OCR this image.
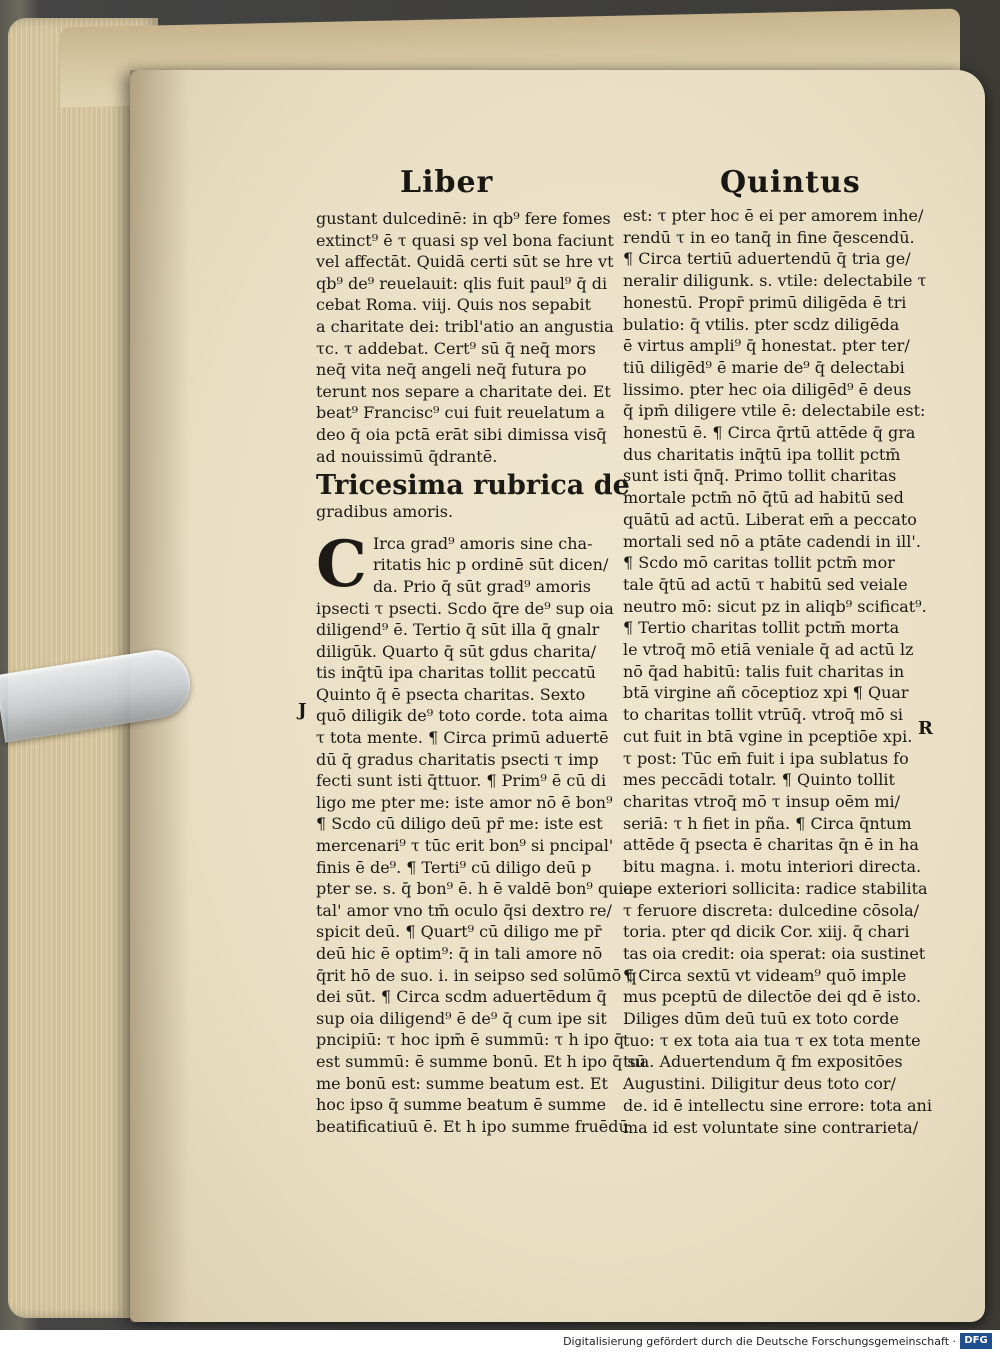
Liber	Quintus
gustant dulcedinē: in qb⁹ fere fomes
extinct⁹ ē τ quasi sp vel bona faciunt
vel affectāt. Quidā certi sūt se hre vt
qb⁹ de⁹ reuelauit: qlis fuit paul⁹ q̄ di
cebat Roma. viij. Quis nos sepabit
a charitate dei: tribl'atio an angustia
τc. τ addebat. Cert⁹ sū q̄ neq̄ mors
neq̄ vita neq̄ angeli neq̄ futura po
terunt nos separe a charitate dei. Et
beat⁹ Francisc⁹ cui fuit reuelatum a
deo q̄ oia pctā erāt sibi dimissa visq̄
ad nouissimū q̄drantē.
Tricesima rubrica de
gradibus amoris.
C Irca grad⁹ amoris sine cha-
ritatis hic p ordinē sūt dicen/
da. Prio q̄ sūt grad⁹ amoris
ipsecti τ psecti. Scdo q̄re de⁹ sup oia
diligend⁹ ē. Tertio q̄ sūt illa q̄ gnalr
diligūk. Quarto q̄ sūt gdus charita/
tis inq̄tū ipa charitas tollit peccatū
Quinto q̄ ē psecta charitas. Sexto
quō diligik de⁹ toto corde. tota aima
τ tota mente. ¶ Circa primū aduertē
dū q̄ gradus charitatis psecti τ imp
fecti sunt isti q̄ttuor. ¶ Prim⁹ ē cū di
ligo me pter me: iste amor nō ē bon⁹
¶ Scdo cū diligo deū pr̄ me: iste est
mercenari⁹ τ tūc erit bon⁹ si pncipal'
finis ē de⁹. ¶ Terti⁹ cū diligo deū p
pter se. s. q̄ bon⁹ ē. h ē valdē bon⁹ quia
tal' amor vno tm̄ oculo q̄si dextro re/
spicit deū. ¶ Quart⁹ cū diligo me pr̄
deū hic ē optim⁹: q̄ in tali amore nō
q̄rit hō de suo. i. in seipso sed solūmō q̄
dei sūt. ¶ Circa scdm aduertēdum q̄
sup oia diligend⁹ ē de⁹ q̄ cum ipe sit
pncipiū: τ hoc ipm̄ ē summū: τ h ipo q̄
est summū: ē summe bonū. Et h ipo q̄ sū
me bonū est: summe beatum est. Et
hoc ipso q̄ summe beatum ē summe
beatificatiuū ē. Et h ipo summe fruēdū
est: τ pter hoc ē ei per amorem inhe/
rendū τ in eo tanq̄ in fine q̄escendū.
¶ Circa tertiū aduertendū q̄ tria ge/
neralir diligunk. s. vtile: delectabile τ
honestū. Propr̄ primū diligēda ē tri
bulatio: q̄ vtilis. pter scdz diligēda
ē virtus ampli⁹ q̄ honestat. pter ter/
tiū diligēd⁹ ē marie de⁹ q̄ delectabi
lissimo. pter hec oia diligēd⁹ ē deus
q̄ ipm̄ diligere vtile ē: delectabile est:
honestū ē. ¶ Circa q̄rtū attēde q̄ gra
dus charitatis inq̄tū ipa tollit pctm̄
sunt isti q̄nq̄. Primo tollit charitas
mortale pctm̄ nō q̄tū ad habitū sed
quātū ad actū. Liberat em̄ a peccato
mortali sed nō a ptāte cadendi in ill'.
¶ Scdo mō caritas tollit pctm̄ mor
tale q̄tū ad actū τ habitū sed veiale
neutro mō: sicut pz in aliqb⁹ scificat⁹.
¶ Tertio charitas tollit pctm̄ morta
le vtroq̄ mō etiā veniale q̄ ad actū lz
nō q̄ad habitū: talis fuit charitas in
btā virgine añ cōceptioz xpi ¶ Quar
to charitas tollit vtrūq̄. vtroq̄ mō si
cut fuit in btā vgine in pceptiōe xpi.
τ post: Tūc em̄ fuit i ipa sublatus fo
mes peccādi totalr. ¶ Quinto tollit
charitas vtroq̄ mō τ insup oēm mi/
seriā: τ h fiet in pña. ¶ Circa q̄ntum
attēde q̄ psecta ē charitas q̄n ē in ha
bitu magna. i. motu interiori directa.
ope exteriori sollicita: radice stabilita
τ feruore discreta: dulcedine cōsola/
toria. pter qd dicik Cor. xiij. q̄ chari
tas oia credit: oia sperat: oia sustinet
¶ Circa sextū vt videam⁹ quō imple
mus pceptū de dilectōe dei qd ē isto.
Diliges dūm deū tuū ex toto corde
tuo: τ ex tota aia tua τ ex tota mente
tua. Aduertendum q̄ fm expositōes
Augustini. Diligitur deus toto cor/
de. id ē intellectu sine errore: tota ani
ma id est voluntate sine contrarieta/
J
R
Digitalisierung gefördert durch die Deutsche Forschungsgemeinschaft · DFG
